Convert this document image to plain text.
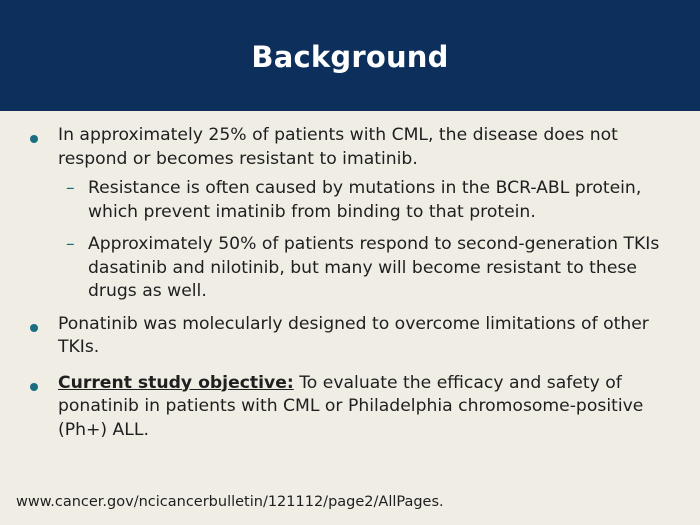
Background
In approximately 25% of patients with CML, the disease does not respond or becomes resistant to imatinib.
– Resistance is often caused by mutations in the BCR-ABL protein, which prevent imatinib from binding to that protein.
– Approximately 50% of patients respond to second-generation TKIs dasatinib and nilotinib, but many will become resistant to these drugs as well.
Ponatinib was molecularly designed to overcome limitations of other TKIs.
Current study objective: To evaluate the efficacy and safety of ponatinib in patients with CML or Philadelphia chromosome-positive (Ph+) ALL.
www.cancer.gov/ncicancerbulletin/121112/page2/AllPages.
